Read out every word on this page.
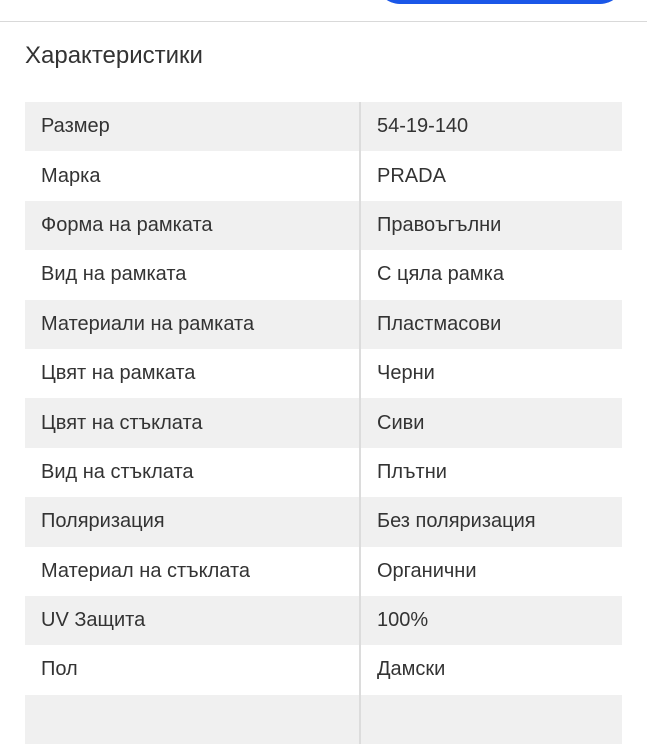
Характеристики
Размер	54-19-140
Марка	PRADA
Форма на рамката	Правоъгълни
Вид на рамката	С цяла рамка
Материали на рамката	Пластмасови
Цвят на рамката	Черни
Цвят на стъклата	Сиви
Вид на стъклата	Плътни
Поляризация	Без поляризация
Материал на стъклата	Органични
UV Защита	100%
Пол	Дамски
